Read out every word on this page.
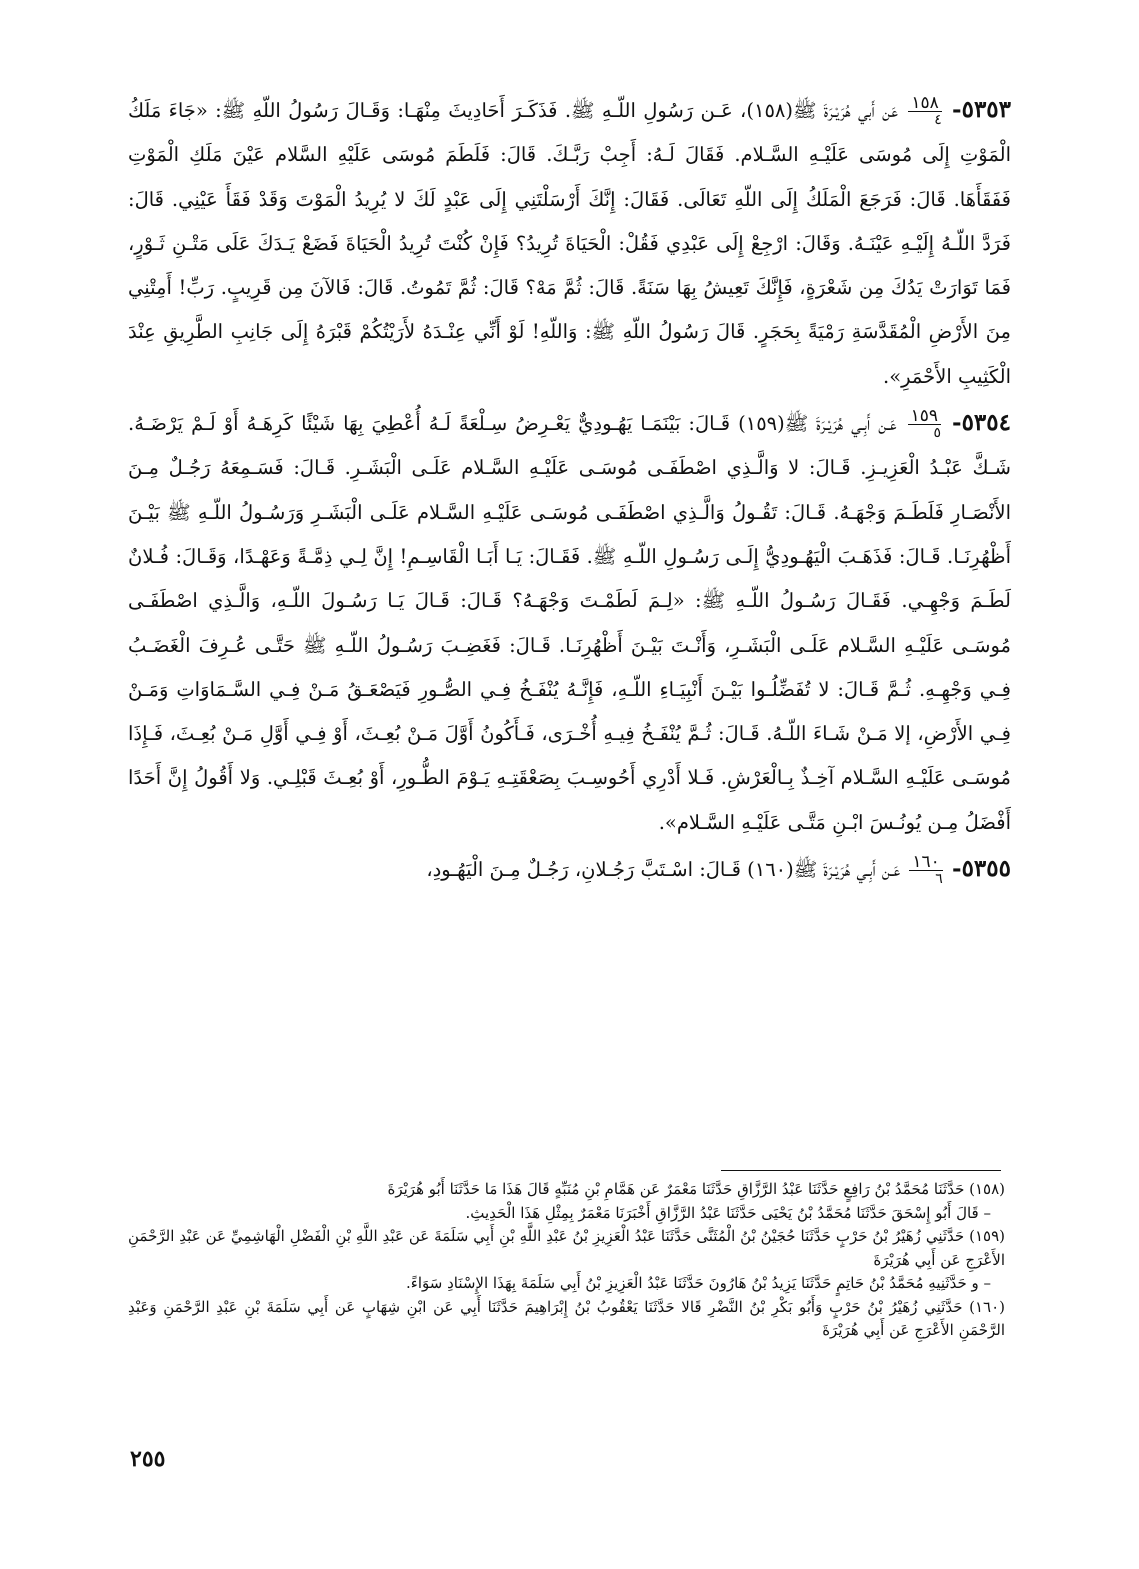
٥٣٥٣-
$\frac{١٥٨}{٤}$
عَن أَبي هُرَيْـرَةَ ﷺ(١٥٨)، عَـن رَسُولِ اللّـهِ ﷺ. فَذَكَـرَ أَحَادِيثَ مِنْهَـا: وَقَـالَ رَسُولُ اللّهِ ﷺ: «جَاءَ مَلَكُ الْمَوْتِ إِلَى مُوسَى عَلَيْـهِ السَّـلام. فَقَالَ لَـهُ: أَجِبْ رَبَّـكَ. قَالَ: فَلَطَمَ مُوسَى عَلَيْهِ السَّلام عَيْنَ مَلَكِ الْمَوْتِ فَفَقَأَهَا. قَالَ: فَرَجَعَ الْمَلَكُ إِلَى اللّهِ تَعَالَى. فَقَالَ: إِنَّكَ أَرْسَلْتَنِي إِلَى عَبْدٍ لَكَ لا يُرِيدُ الْمَوْتَ وَقَدْ فَقَأَ عَيْنِي. قَالَ: فَرَدَّ اللّـهُ إِلَيْـهِ عَيْنَـهُ. وَقَالَ: ارْجِعْ إِلَى عَبْدِي فَقُلْ: الْحَيَاةَ تُرِيدُ؟ فَإِنْ كُنْتَ تُرِيدُ الْحَيَاةَ فَضَعْ يَـدَكَ عَلَى مَتْـنِ ثَـوْرٍ، فَمَا تَوَارَتْ يَدُكَ مِن شَعْرَةٍ، فَإِنَّكَ تَعِيشُ بِهَا سَنَةً. قَالَ: ثُمَّ مَهْ؟ قَالَ: ثُمَّ تَمُوتُ. قَالَ: فَالآنَ مِن قَرِيبٍ. رَبِّ! أَمِتْنِي مِنَ الأَرْضِ الْمُقَدَّسَةِ رَمْيَةً بِحَجَرٍ. قَالَ رَسُولُ اللّهِ ﷺ: وَاللّهِ! لَوْ أَنِّي عِنْـدَهُ لأَرَيْتُكُمْ قَبْرَهُ إِلَى جَانِبِ الطَّرِيقِ عِنْدَ الْكَثِيبِ الأَحْمَرِ».

٥٣٥٤-
$\frac{١٥٩}{٥}$
عَـن أَبِـي هُرَيْـرَةَ ﷺ(١٥٩) قَـالَ: بَيْنَمَـا يَهُـودِيٌّ يَعْـرِضُ سِـلْعَةً لَـهُ أُعْطِيَ بِهَا شَيْئًا كَرِهَـهُ أَوْ لَـمْ يَرْضَـهُ. شَـكَّ عَبْـدُ الْعَزِيـزِ. قَـالَ: لا وَالَّـذِي اصْطَفَـى مُوسَـى عَلَيْـهِ السَّـلام عَلَـى الْبَشَـرِ. قَـالَ: فَسَـمِعَهُ رَجُـلٌ مِـنَ الأَنْصَـارِ فَلَطَـمَ وَجْهَـهُ. قَـالَ: تَقُـولُ وَالَّـذِي اصْطَفَـى مُوسَـى عَلَيْـهِ السَّـلام عَلَـى الْبَشَـرِ وَرَسُـولُ اللّـهِ ﷺ بَيْـنَ أَظْهُرِنَـا. قَـالَ: فَذَهَـبَ الْيَهُـودِيُّ إِلَـى رَسُـولِ اللّـهِ ﷺ. فَقَـالَ: يَـا أَبَـا الْقَاسِـمِ! إِنَّ لِـي ذِمَّـةً وَعَهْـدًا، وَقَـالَ: فُـلانٌ لَطَـمَ وَجْهِـي. فَقَـالَ رَسُـولُ اللّـهِ ﷺ: «لِـمَ لَطَمْـتَ وَجْهَـهُ؟ قَـالَ: قَـالَ يَـا رَسُـولَ اللّـهِ، وَالَّـذِي اصْطَفَـى مُوسَـى عَلَيْـهِ السَّـلام عَلَـى الْبَشَـرِ، وَأَنْـتَ بَيْـنَ أَظْهُرِنَـا. قَـالَ: فَغَضِـبَ رَسُـولُ اللّـهِ ﷺ حَتَّـى عُـرِفَ الْغَضَـبُ فِـي وَجْهِـهِ. ثُـمَّ قَـالَ: لا تُفَضِّلُـوا بَيْـنَ أَنْبِيَـاءِ اللّـهِ، فَإِنَّـهُ يُنْفَـخُ فِـي الصُّـورِ فَيَصْعَـقُ مَـنْ فِـي السَّـمَاوَاتِ وَمَـنْ فِـي الأَرْضِ، إلا مَـنْ شَـاءَ اللّـهُ. قَـالَ: ثُـمَّ يُنْفَـخُ فِيـهِ أُخْـرَى، فَـأَكُونُ أَوَّلَ مَـنْ بُعِـثَ، أَوْ فِـي أَوَّلِ مَـنْ بُعِـثَ، فَـإِذَا مُوسَـى عَلَيْـهِ السَّـلام آخِـذٌ بِـالْعَرْشِ. فَـلا أَدْرِي أَحُوسِـبَ بِصَعْقَتِـهِ يَـوْمَ الطُّـورِ، أَوْ بُعِـثَ قَبْلِـي. وَلا أَقُولُ إِنَّ أَحَدًا أَفْضَلُ مِـن يُونُـسَ ابْـنِ مَتَّـى عَلَيْـهِ السَّـلام».

٥٣٥٥-
$\frac{١٦٠}{٦}$
عَـن أَبِـي هُرَيْـرَةَ ﷺ(١٦٠) قَـالَ: اسْـتَبَّ رَجُـلانِ، رَجُـلٌ مِـنَ الْيَهُـودِ،

(١٥٨) حَدَّثَنَا مُحَمَّدُ بْنُ رَافِعٍ حَدَّثَنَا عَبْدُ الرَّزَّاقِ حَدَّثَنَا مَعْمَرٌ عَن هَمَّامِ بْنِ مُنَبِّهٍ قَالَ هَذَا مَا حَدَّثَنَا أَبُو هُرَيْرَةَ

– قَالَ أَبُو إِسْحَقَ حَدَّثَنَا مُحَمَّدُ بْنُ يَحْيَى حَدَّثَنَا عَبْدُ الرَّزَّاقِ أَخْبَرَنَا مَعْمَرٌ بِمِثْلِ هَذَا الْحَدِيثِ.

(١٥٩) حَدَّثَنِي زُهَيْرُ بْنُ حَرْبٍ حَدَّثَنَا حُجَيْنُ بْنُ الْمُثَنَّى حَدَّثَنَا عَبْدُ الْعَزِيزِ بْنُ عَبْدِ اللَّهِ بْنِ أَبِي سَلَمَةَ عَن عَبْدِ اللَّهِ بْنِ الْفَضْلِ الْهَاشِمِيِّ عَن عَبْدِ الرَّحْمَنِ الأَعْرَجِ عَن أَبِي هُرَيْرَةَ

– و حَدَّثَنِيهِ مُحَمَّدُ بْنُ حَاتِمٍ حَدَّثَنَا يَزِيدُ بْنُ هَارُونَ حَدَّثَنَا عَبْدُ الْعَزِيزِ بْنُ أَبِي سَلَمَةَ بِهَذَا الإِسْنَادِ سَوَاءً.

(١٦٠) حَدَّثَنِي زُهَيْرُ بْنُ حَرْبٍ وَأَبُو بَكْرِ بْنُ النَّضْرِ قَالا حَدَّثَنَا يَعْقُوبُ بْنُ إِبْرَاهِيمَ حَدَّثَنَا أَبِي عَن ابْنِ شِهَابٍ عَن أَبِي سَلَمَةَ بْنِ عَبْدِ الرَّحْمَنِ وَعَبْدِ الرَّحْمَنِ الأَعْرَجِ عَن أَبِي هُرَيْرَةَ

٢٥٥
